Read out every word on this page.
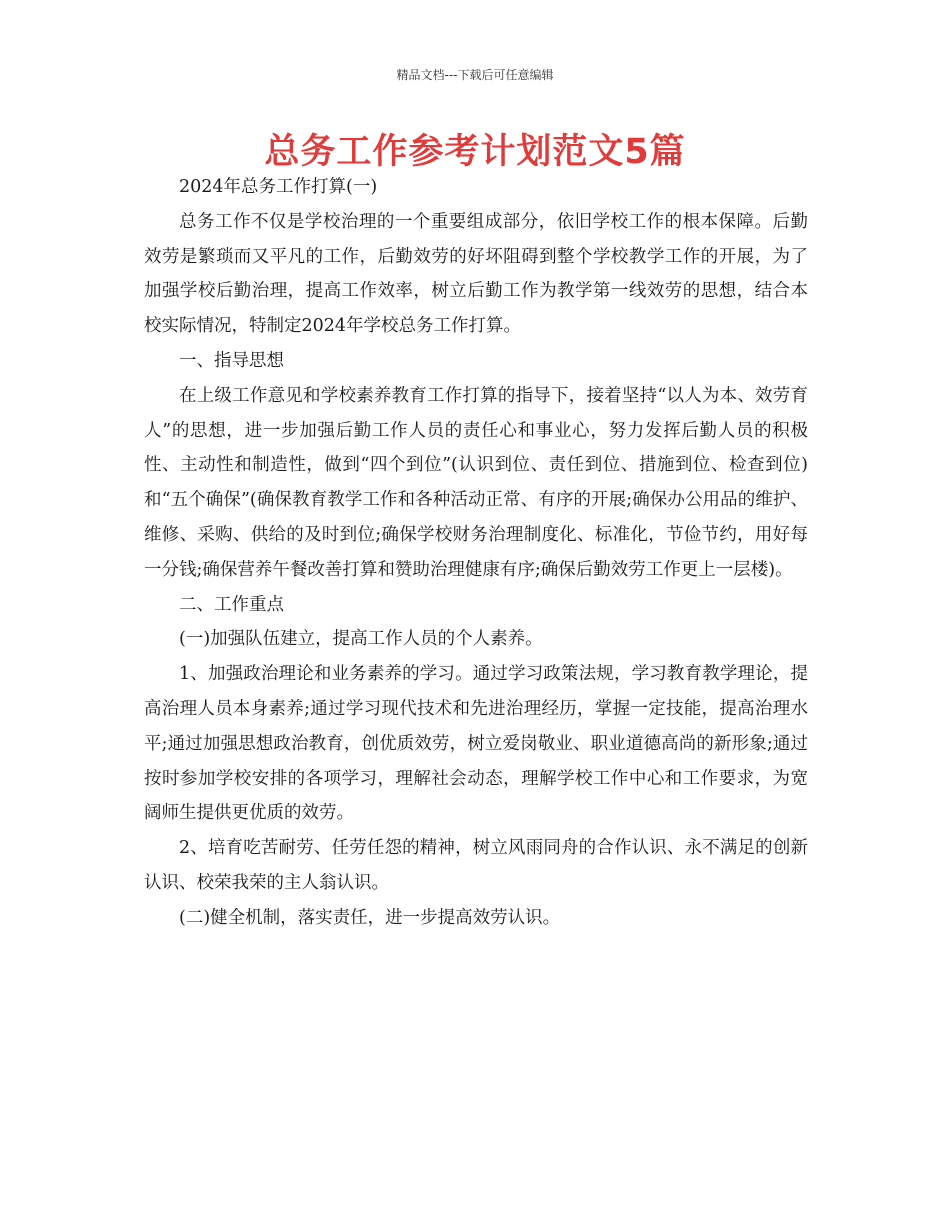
精品文档---下载后可任意编辑
总务工作参考计划范文5篇

2024年总务工作打算(一)

总务工作不仅是学校治理的一个重要组成部分，依旧学校工作的根本保障。后勤效劳是繁琐而又平凡的工作，后勤效劳的好坏阻碍到整个学校教学工作的开展，为了加强学校后勤治理，提高工作效率，树立后勤工作为教学第一线效劳的思想，结合本校实际情况，特制定2024年学校总务工作打算。

一、指导思想

在上级工作意见和学校素养教育工作打算的指导下，接着坚持“以人为本、效劳育人”的思想，进一步加强后勤工作人员的责任心和事业心，努力发挥后勤人员的积极性、主动性和制造性，做到“四个到位”(认识到位、责任到位、措施到位、检查到位)和“五个确保”(确保教育教学工作和各种活动正常、有序的开展;确保办公用品的维护、维修、采购、供给的及时到位;确保学校财务治理制度化、标准化，节俭节约，用好每一分钱;确保营养午餐改善打算和赞助治理健康有序;确保后勤效劳工作更上一层楼)。

二、工作重点

(一)加强队伍建立，提高工作人员的个人素养。

1、加强政治理论和业务素养的学习。通过学习政策法规，学习教育教学理论，提高治理人员本身素养;通过学习现代技术和先进治理经历，掌握一定技能，提高治理水平;通过加强思想政治教育，创优质效劳，树立爱岗敬业、职业道德高尚的新形象;通过按时参加学校安排的各项学习，理解社会动态，理解学校工作中心和工作要求，为宽阔师生提供更优质的效劳。

2、培育吃苦耐劳、任劳任怨的精神，树立风雨同舟的合作认识、永不满足的创新认识、校荣我荣的主人翁认识。

(二)健全机制，落实责任，进一步提高效劳认识。
